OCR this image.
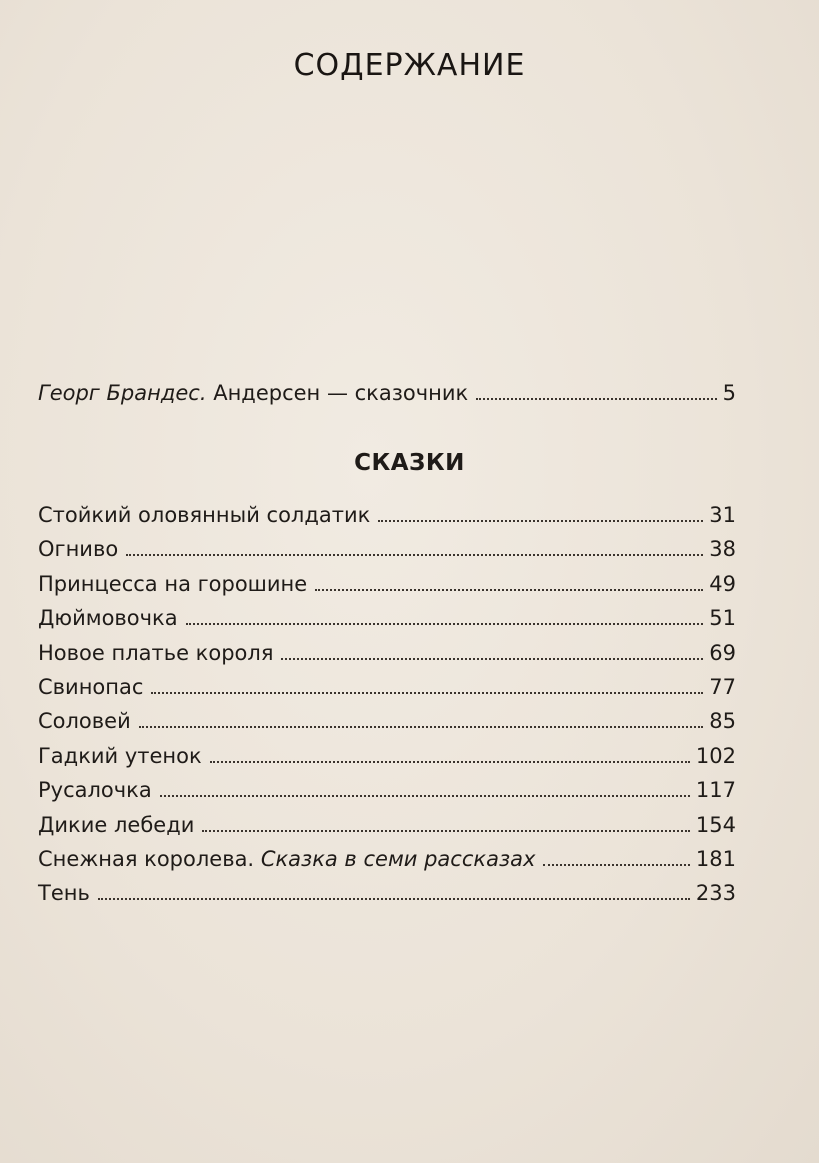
СОДЕРЖАНИЕ
Георг Брандес. Андерсен — сказочник	5
СКАЗКИ
Стойкий оловянный солдатик	31
Огниво	38
Принцесса на горошине	49
Дюймовочка	51
Новое платье короля	69
Свинопас	77
Соловей	85
Гадкий утенок	102
Русалочка	117
Дикие лебеди	154
Снежная королева. Сказка в семи рассказах	181
Тень	233
